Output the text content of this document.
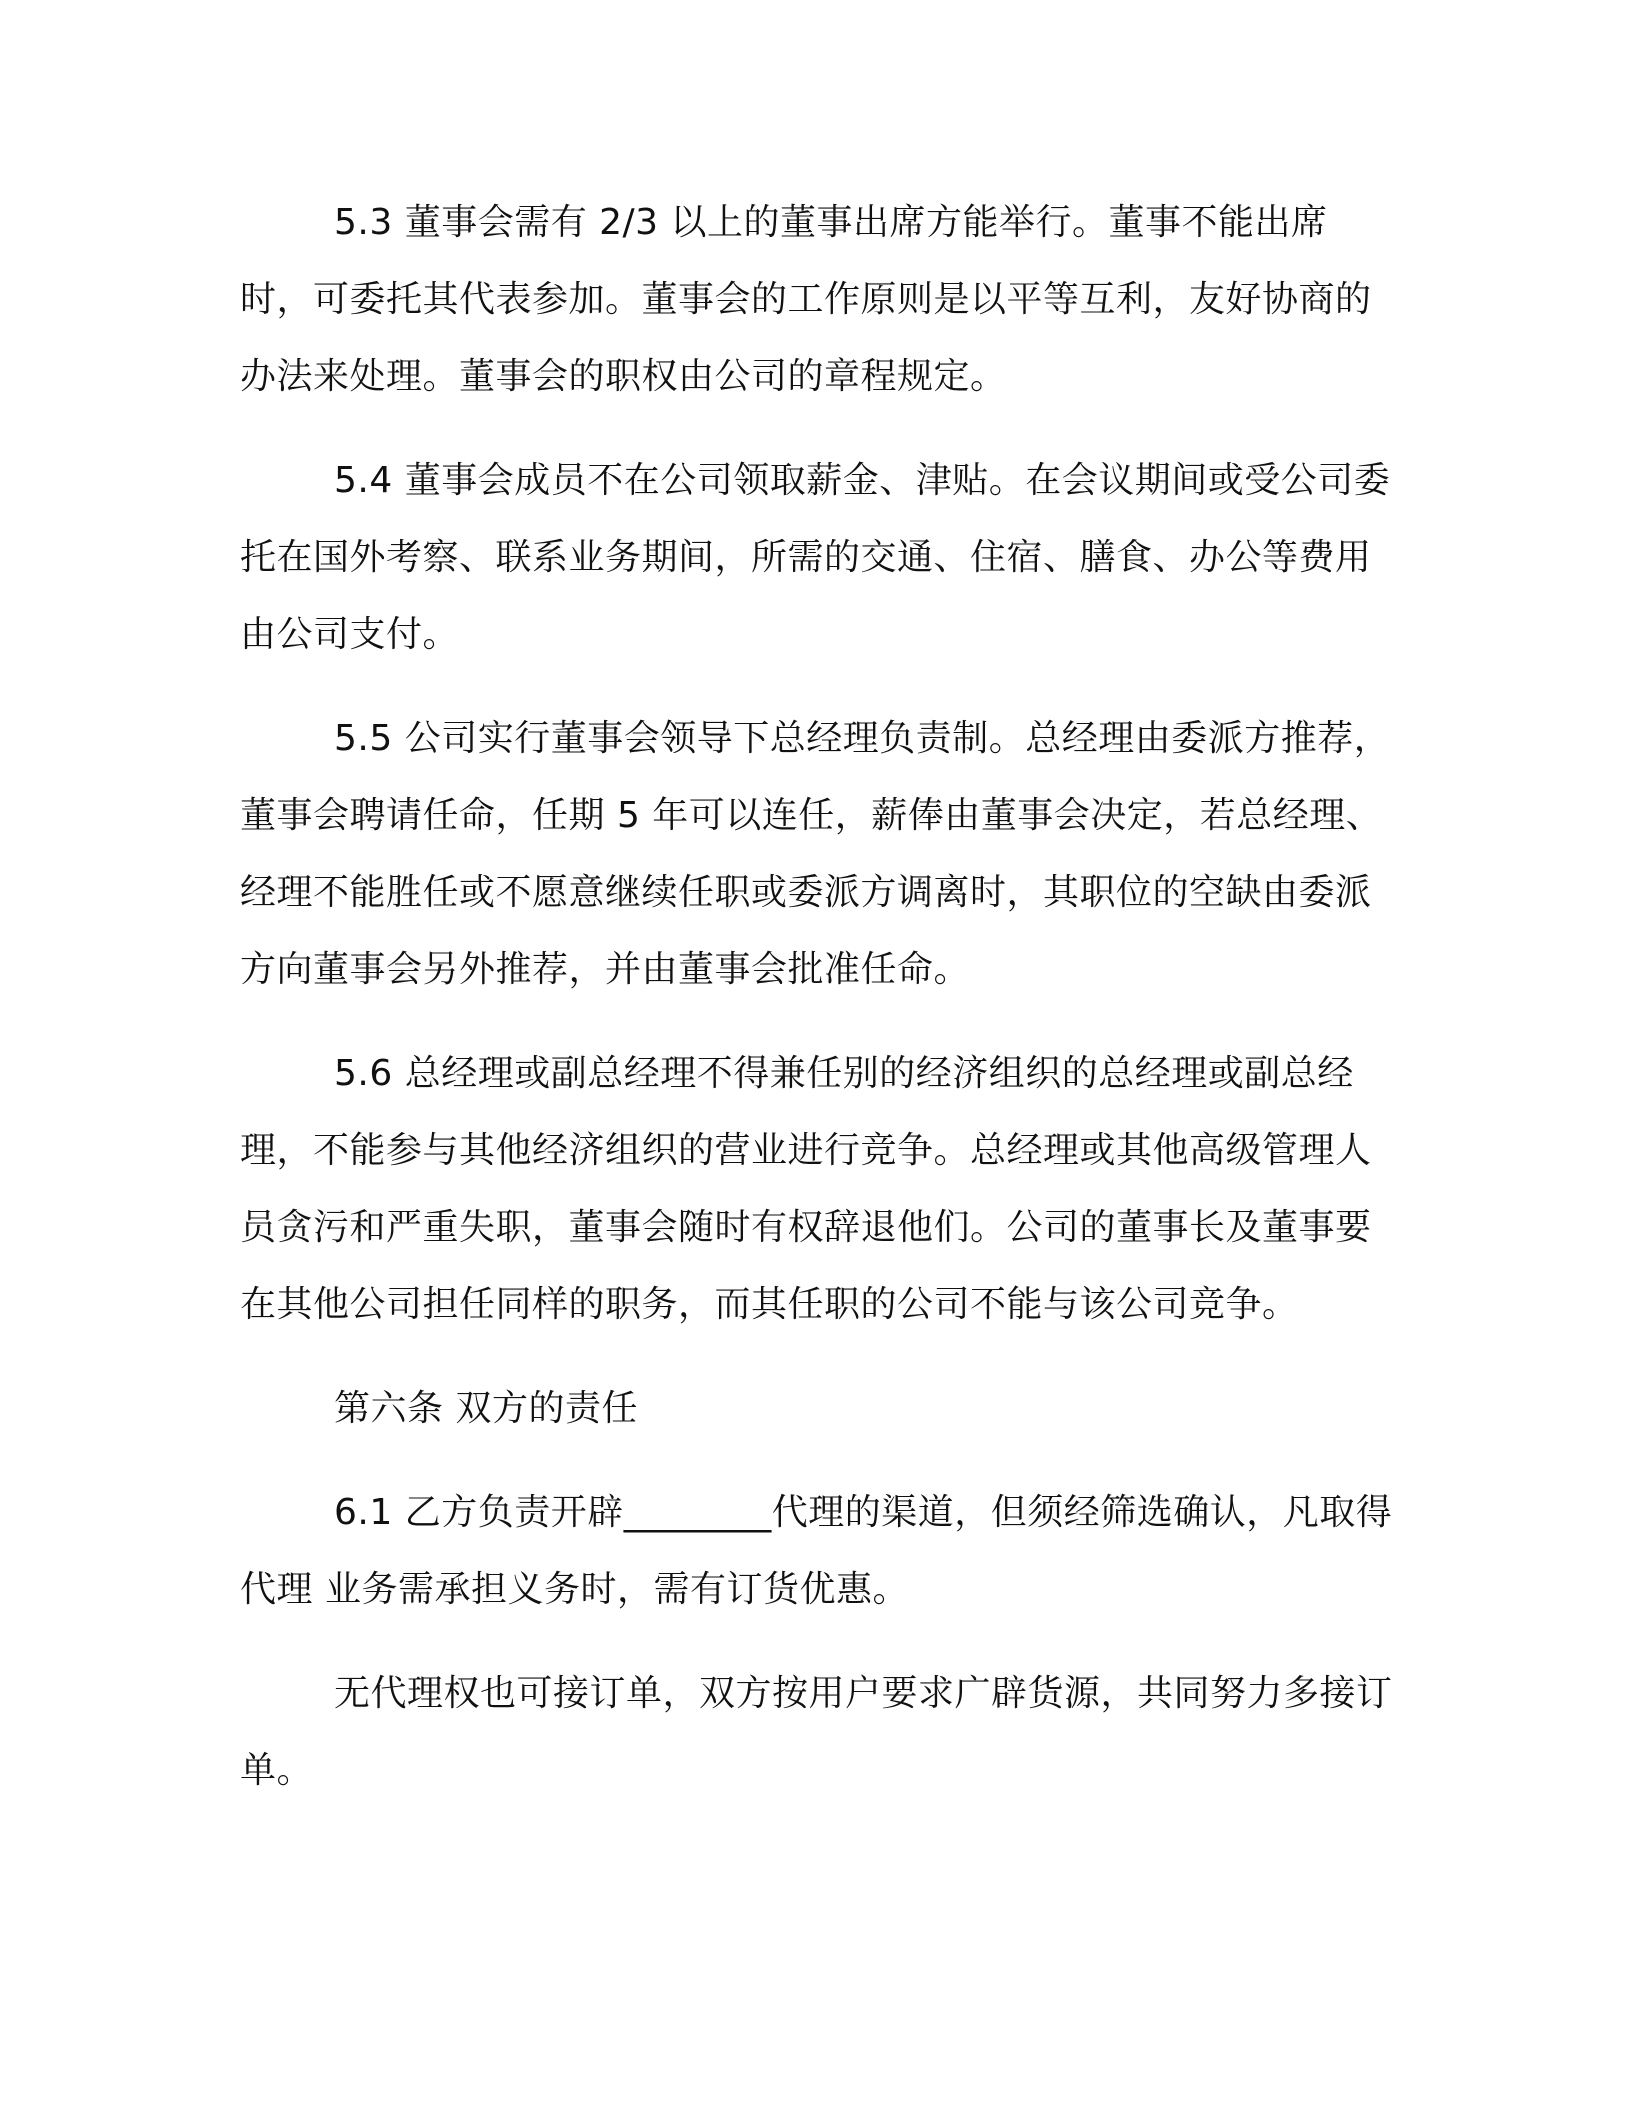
5.3 董事会需有 2/3 以上的董事出席方能举行。董事不能出席时，可委托其代表参加。董事会的工作原则是以平等互利，友好协商的办法来处理。董事会的职权由公司的章程规定。

5.4 董事会成员不在公司领取薪金、津贴。在会议期间或受公司委托在国外考察、联系业务期间，所需的交通、住宿、膳食、办公等费用由公司支付。

5.5 公司实行董事会领导下总经理负责制。总经理由委派方推荐，董事会聘请任命，任期 5 年可以连任，薪俸由董事会决定，若总经理、经理不能胜任或不愿意继续任职或委派方调离时，其职位的空缺由委派方向董事会另外推荐，并由董事会批准任命。

5.6 总经理或副总经理不得兼任别的经济组织的总经理或副总经理，不能参与其他经济组织的营业进行竞争。总经理或其他高级管理人员贪污和严重失职，董事会随时有权辞退他们。公司的董事长及董事要在其他公司担任同样的职务，而其任职的公司不能与该公司竞争。

第六条 双方的责任

6.1 乙方负责开辟________代理的渠道，但须经筛选确认，凡取得代理 业务需承担义务时，需有订货优惠。

无代理权也可接订单，双方按用户要求广辟货源，共同努力多接订单。
